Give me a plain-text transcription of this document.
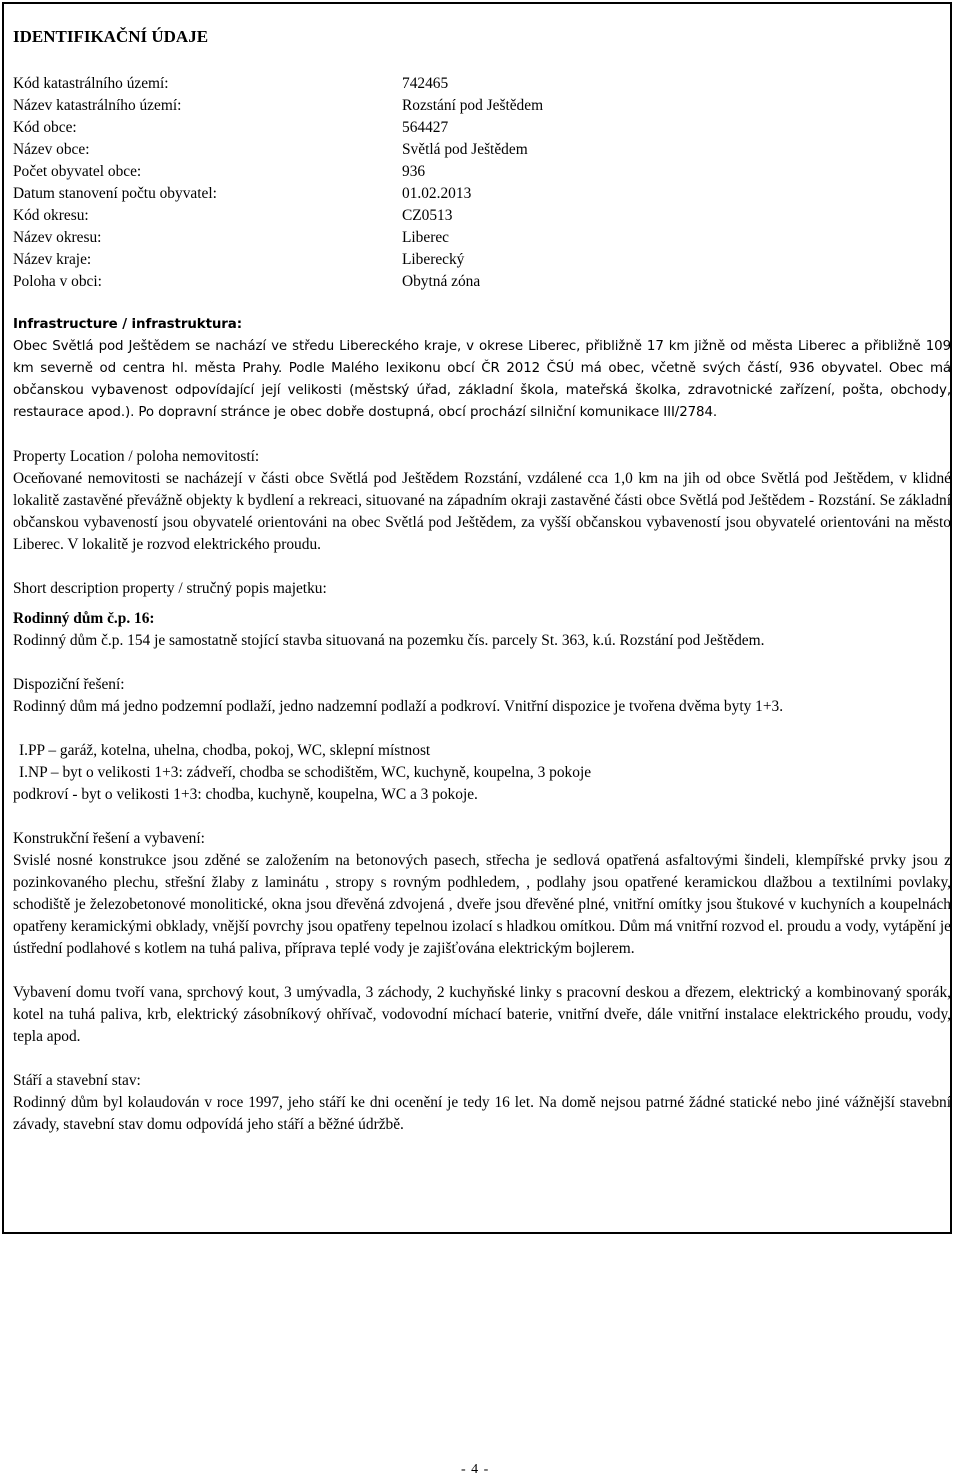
IDENTIFIKAČNÍ ÚDAJE
Kód katastrálního území:	742465
Název katastrálního území:	Rozstání pod Ještědem
Kód obce:	564427
Název obce:	Světlá pod Ještědem
Počet obyvatel obce:	936
Datum stanovení počtu obyvatel:	01.02.2013
Kód okresu:	CZ0513
Název okresu:	Liberec
Název kraje:	Liberecký
Poloha v obci:	Obytná zóna
Infrastructure / infrastruktura:
Obec Světlá pod Ještědem se nachází ve středu Libereckého kraje, v okrese Liberec, přibližně 17 km jižně od města Liberec a přibližně 109 km severně od centra hl. města Prahy. Podle Malého lexikonu obcí ČR 2012 ČSÚ má obec, včetně svých částí, 936 obyvatel. Obec má občanskou vybavenost odpovídající její velikosti (městský úřad, základní škola, mateřská školka, zdravotnické zařízení, pošta, obchody, restaurace apod.). Po dopravní stránce je obec dobře dostupná, obcí prochází silniční komunikace III/2784.
Property Location / poloha nemovitostí:
Oceňované nemovitosti se nacházejí v části obce Světlá pod Ještědem Rozstání, vzdálené cca 1,0 km na jih od obce Světlá pod Ještědem, v klidné lokalitě zastavěné převážně objekty k bydlení a rekreaci, situované na západním okraji zastavěné části obce Světlá pod Ještědem - Rozstání. Se základní občanskou vybaveností jsou obyvatelé orientováni na obec Světlá pod Ještědem, za vyšší občanskou vybaveností jsou obyvatelé orientováni na město Liberec. V lokalitě je rozvod elektrického proudu.
Short description property / stručný popis majetku:
Rodinný dům č.p. 16:
Rodinný dům č.p. 154 je samostatně stojící stavba situovaná na pozemku čís. parcely St. 363, k.ú. Rozstání pod Ještědem.
Dispoziční řešení:
Rodinný dům má jedno podzemní podlaží, jedno nadzemní podlaží a podkroví. Vnitřní dispozice je tvořena dvěma byty 1+3.
I.PP – garáž, kotelna, uhelna, chodba, pokoj, WC, sklepní místnost
I.NP – byt o velikosti 1+3: zádveří, chodba se schodištěm, WC, kuchyně, koupelna, 3 pokoje
podkroví - byt o velikosti 1+3: chodba, kuchyně, koupelna, WC a 3 pokoje.
Konstrukční řešení a vybavení:
Svislé nosné konstrukce jsou zděné se založením na betonových pasech, střecha je sedlová opatřená asfaltovými šindeli, klempířské prvky jsou z pozinkovaného plechu, střešní žlaby z laminátu , stropy s rovným podhledem, , podlahy jsou opatřené keramickou dlažbou a textilními povlaky, schodiště je železobetonové monolitické, okna jsou dřevěná zdvojená , dveře jsou dřevěné plné, vnitřní omítky jsou štukové v kuchyních a koupelnách opatřeny keramickými obklady, vnější povrchy jsou opatřeny tepelnou izolací s hladkou omítkou. Dům má vnitřní rozvod el. proudu a vody, vytápění je ústřední podlahové s kotlem na tuhá paliva, příprava teplé vody je zajišťována elektrickým bojlerem.
Vybavení domu tvoří vana, sprchový kout, 3 umývadla, 3 záchody, 2 kuchyňské linky s pracovní deskou a dřezem, elektrický a kombinovaný sporák, kotel na tuhá paliva, krb, elektrický zásobníkový ohřívač, vodovodní míchací baterie, vnitřní dveře, dále vnitřní instalace elektrického proudu, vody, tepla apod.
Stáří a stavební stav:
Rodinný dům byl kolaudován v roce 1997, jeho stáří ke dni ocenění je tedy 16 let. Na domě nejsou patrné žádné statické nebo jiné vážnější stavební závady, stavební stav domu odpovídá jeho stáří a běžné údržbě.
- 4 -
